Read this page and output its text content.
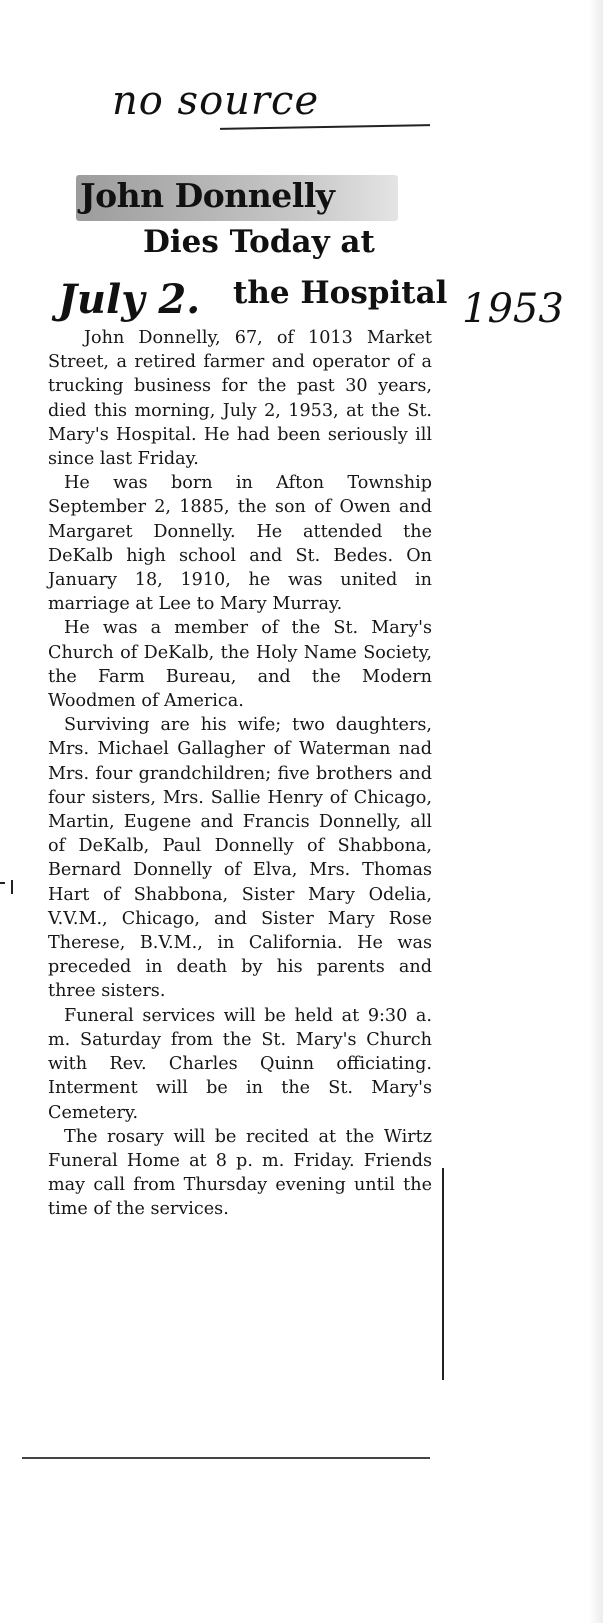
no source
John Donnelly
Dies Today at
July 2. the Hospital 1953

John Donnelly, 67, of 1013 Market Street, a retired farmer and operator of a trucking business for the past 30 years, died this morning, July 2, 1953, at the St. Mary's Hospital. He had been seriously ill since last Friday.

He was born in Afton Township September 2, 1885, the son of Owen and Margaret Donnelly. He attended the DeKalb high school and St. Bedes. On January 18, 1910, he was united in marriage at Lee to Mary Murray.

He was a member of the St. Mary's Church of DeKalb, the Holy Name Society, the Farm Bureau, and the Modern Woodmen of America.

Surviving are his wife; two daughters, Mrs. Michael Gallagher of Waterman nad Mrs. four grandchildren; five brothers and four sisters, Mrs. Sallie Henry of Chicago, Martin, Eugene and Francis Donnelly, all of DeKalb, Paul Donnelly of Shabbona, Bernard Donnelly of Elva, Mrs. Thomas Hart of Shabbona, Sister Mary Odelia, V.V.M., Chicago, and Sister Mary Rose Therese, B.V.M., in California. He was preceded in death by his parents and three sisters.

Funeral services will be held at 9:30 a. m. Saturday from the St. Mary's Church with Rev. Charles Quinn officiating. Interment will be in the St. Mary's Cemetery.

The rosary will be recited at the Wirtz Funeral Home at 8 p. m. Friday. Friends may call from Thursday evening until the time of the services.
